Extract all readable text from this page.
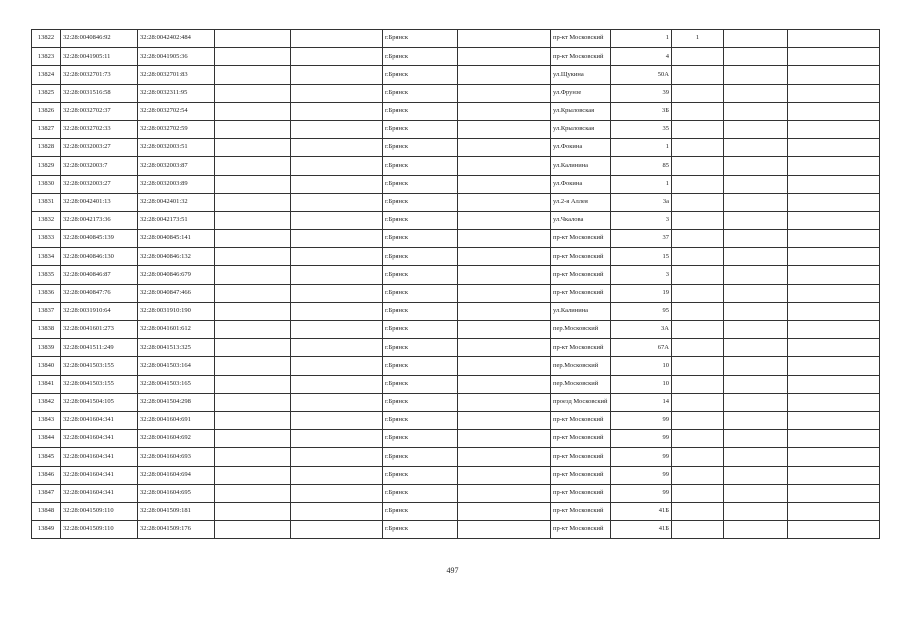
13822	32:28:0040846:92	32:28:0042402:484			г.Брянск		пр-кт Московский	1	1		
13823	32:28:0041905:11	32:28:0041905:36			г.Брянск		пр-кт Московский	4			
13824	32:28:0032701:73	32:28:0032701:83			г.Брянск		ул.Щукина	50А			
13825	32:28:0031516:58	32:28:0032311:95			г.Брянск		ул.Фрунзе	39			
13826	32:28:0032702:37	32:28:0032702:54			г.Брянск		ул.Крыловская	3Б			
13827	32:28:0032702:33	32:28:0032702:59			г.Брянск		ул.Крыловская	35			
13828	32:28:0032003:27	32:28:0032003:51			г.Брянск		ул.Фокина	1			
13829	32:28:0032003:7	32:28:0032003:87			г.Брянск		ул.Калинина	85			
13830	32:28:0032003:27	32:28:0032003:89			г.Брянск		ул.Фокина	1			
13831	32:28:0042401:13	32:28:0042401:32			г.Брянск		ул.2-я Аллея	3а			
13832	32:28:0042173:36	32:28:0042173:51			г.Брянск		ул.Чкалова	3			
13833	32:28:0040845:139	32:28:0040845:141			г.Брянск		пр-кт Московский	37			
13834	32:28:0040846:130	32:28:0040846:132			г.Брянск		пр-кт Московский	15			
13835	32:28:0040846:87	32:28:0040846:679			г.Брянск		пр-кт Московский	3			
13836	32:28:0040847:76	32:28:0040847:466			г.Брянск		пр-кт Московский	19			
13837	32:28:0031910:64	32:28:0031910:190			г.Брянск		ул.Калинина	95			
13838	32:28:0041601:273	32:28:0041601:612			г.Брянск		пер.Московский	3А			
13839	32:28:0041511:249	32:28:0041513:325			г.Брянск		пр-кт Московский	67А			
13840	32:28:0041503:155	32:28:0041503:164			г.Брянск		пер.Московский	10			
13841	32:28:0041503:155	32:28:0041503:165			г.Брянск		пер.Московский	10			
13842	32:28:0041504:105	32:28:0041504:298			г.Брянск		проезд Московский	14			
13843	32:28:0041604:341	32:28:0041604:691			г.Брянск		пр-кт Московский	99			
13844	32:28:0041604:341	32:28:0041604:692			г.Брянск		пр-кт Московский	99			
13845	32:28:0041604:341	32:28:0041604:693			г.Брянск		пр-кт Московский	99			
13846	32:28:0041604:341	32:28:0041604:694			г.Брянск		пр-кт Московский	99			
13847	32:28:0041604:341	32:28:0041604:695			г.Брянск		пр-кт Московский	99			
13848	32:28:0041509:110	32:28:0041509:181			г.Брянск		пр-кт Московский	41Б			
13849	32:28:0041509:110	32:28:0041509:176			г.Брянск		пр-кт Московский	41Б			
497
